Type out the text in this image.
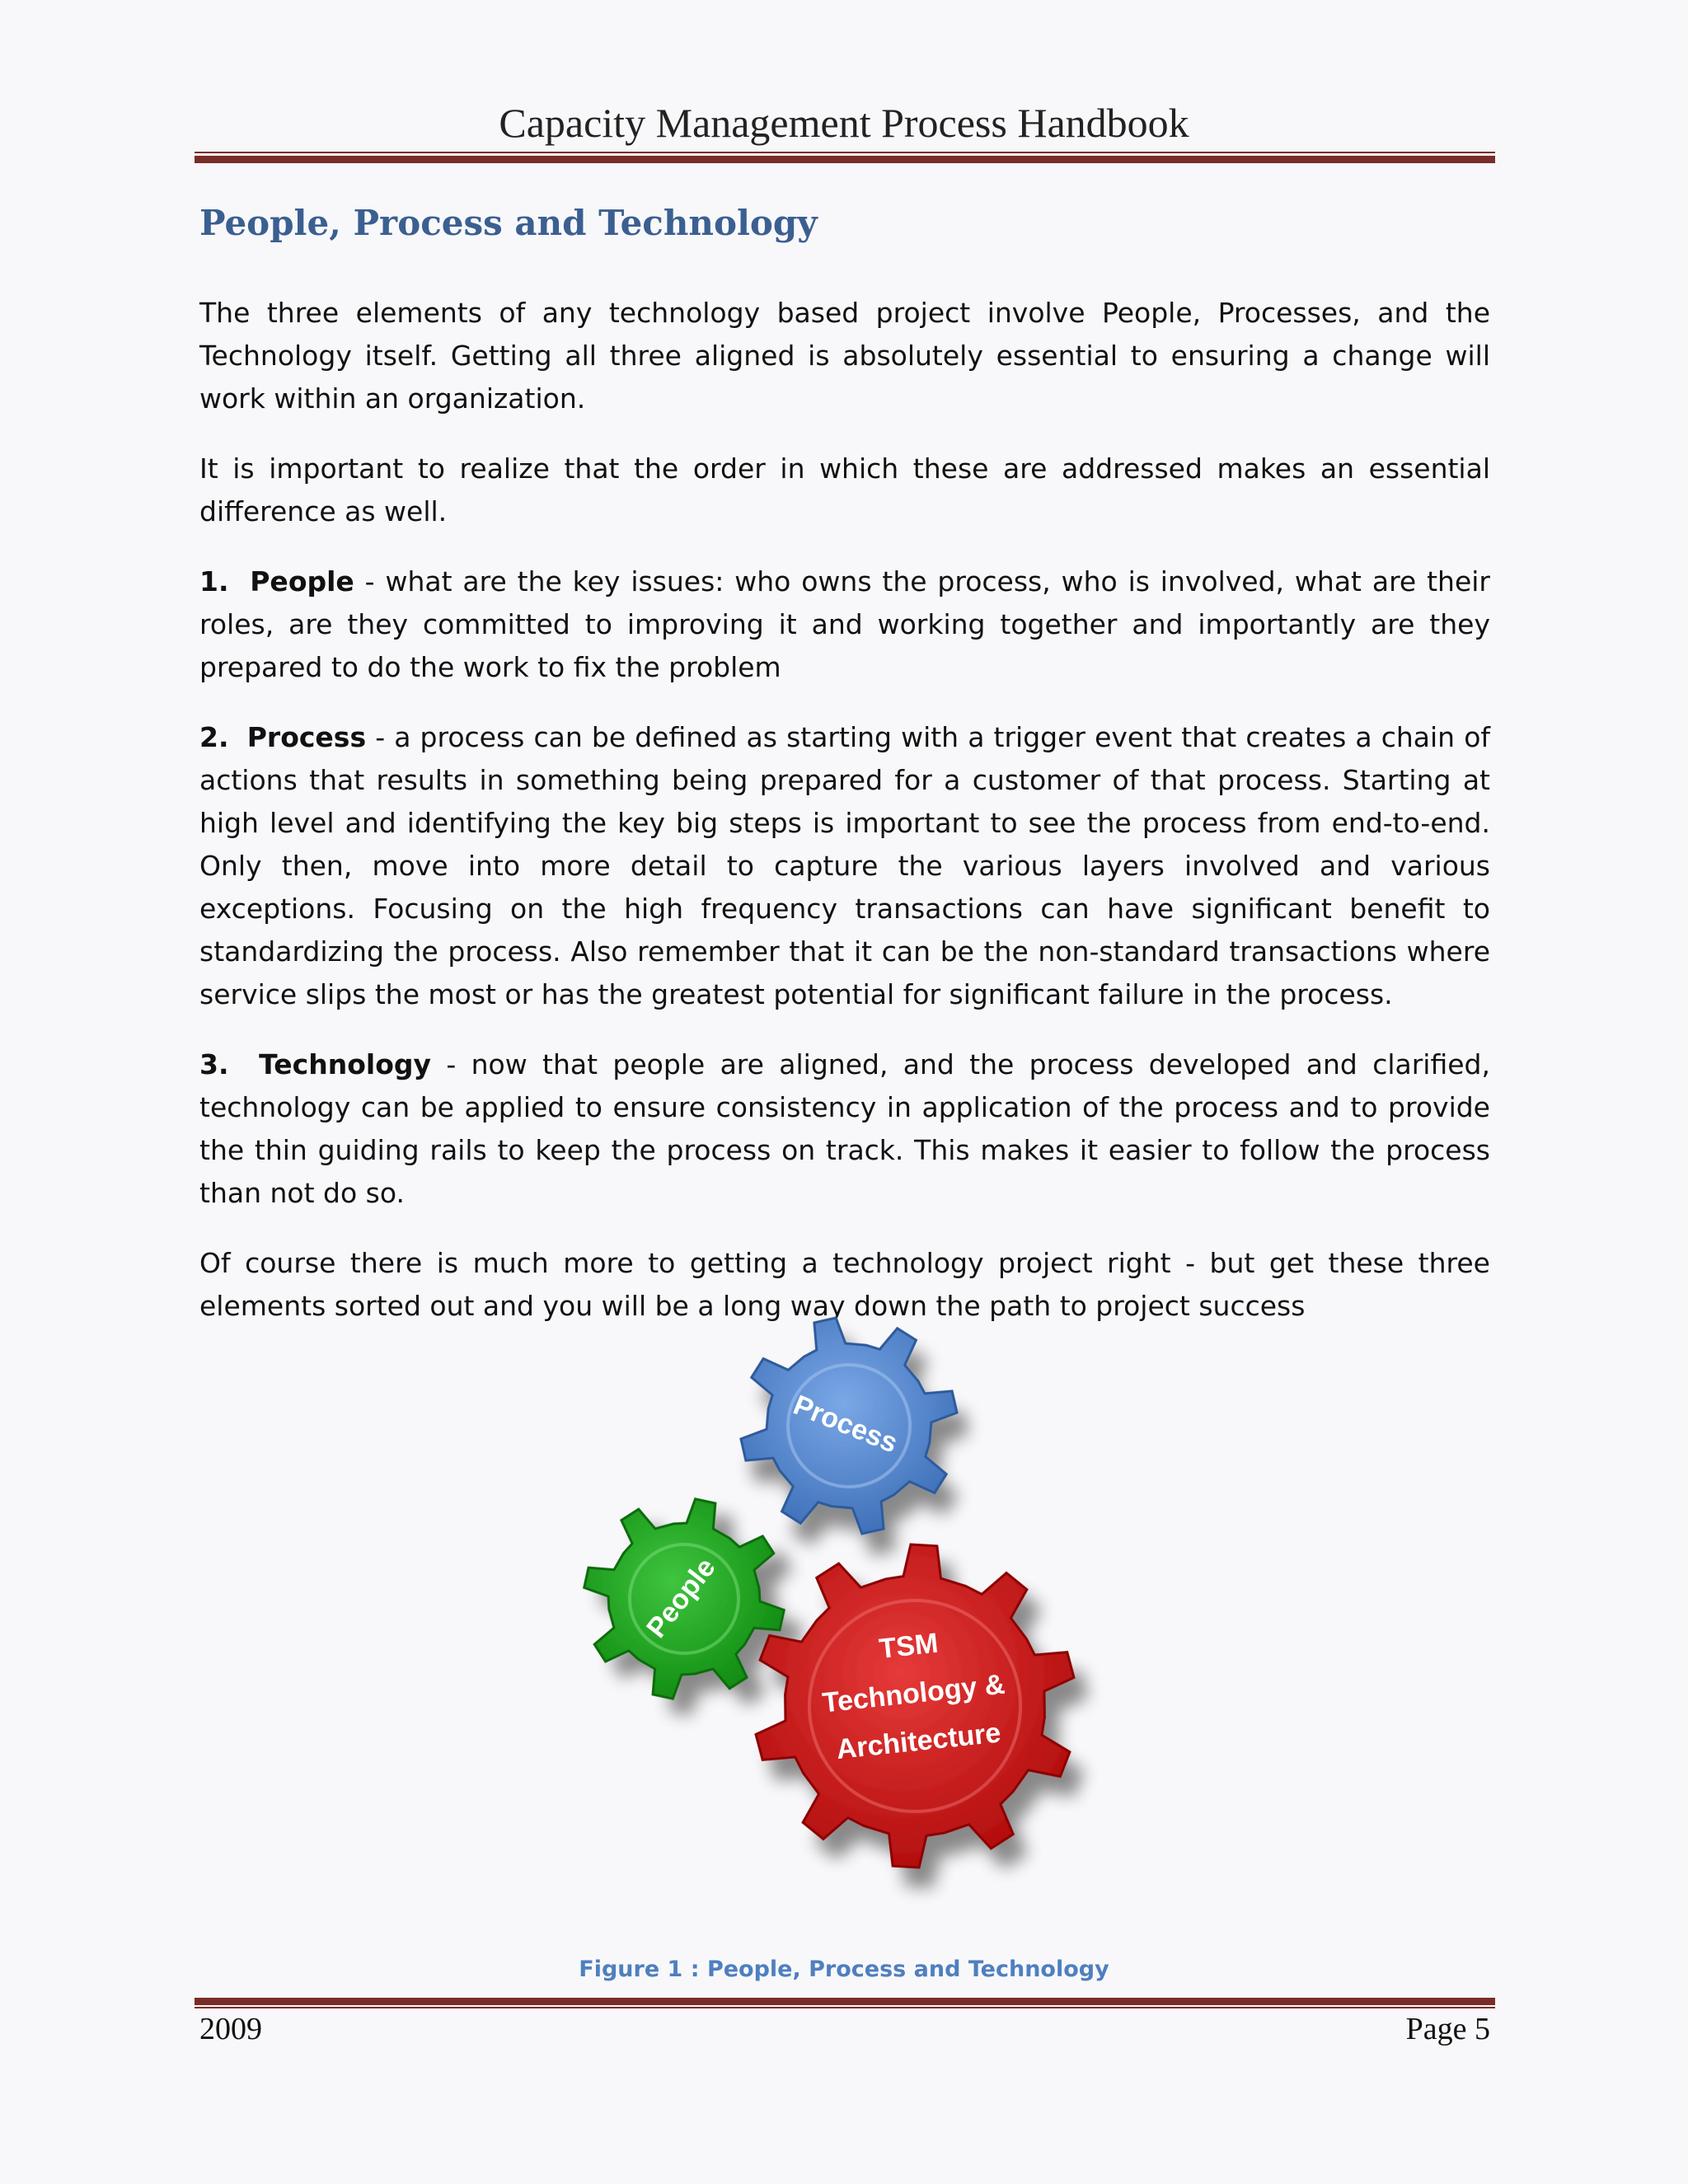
Capacity Management Process Handbook
People, Process and Technology

The three elements of any technology based project involve People, Processes, and the Technology itself. Getting all three aligned is absolutely essential to ensuring a change will work within an organization.

It is important to realize that the order in which these are addressed makes an essential difference as well.

1. People - what are the key issues: who owns the process, who is involved, what are their roles, are they committed to improving it and working together and importantly are they prepared to do the work to fix the problem

2. Process - a process can be defined as starting with a trigger event that creates a chain of actions that results in something being prepared for a customer of that process. Starting at high level and identifying the key big steps is important to see the process from end-to-end. Only then, move into more detail to capture the various layers involved and various exceptions. Focusing on the high frequency transactions can have significant benefit to standardizing the process. Also remember that it can be the non-standard transactions where service slips the most or has the greatest potential for significant failure in the process.

3. Technology - now that people are aligned, and the process developed and clarified, technology can be applied to ensure consistency in application of the process and to provide the thin guiding rails to keep the process on track. This makes it easier to follow the process than not do so.

Of course there is much more to getting a technology project right - but get these three elements sorted out and you will be a long way down the path to project success

Process
People
TSM
Technology &
Architecture
Figure 1 : People, Process and Technology
2009	Page 5
